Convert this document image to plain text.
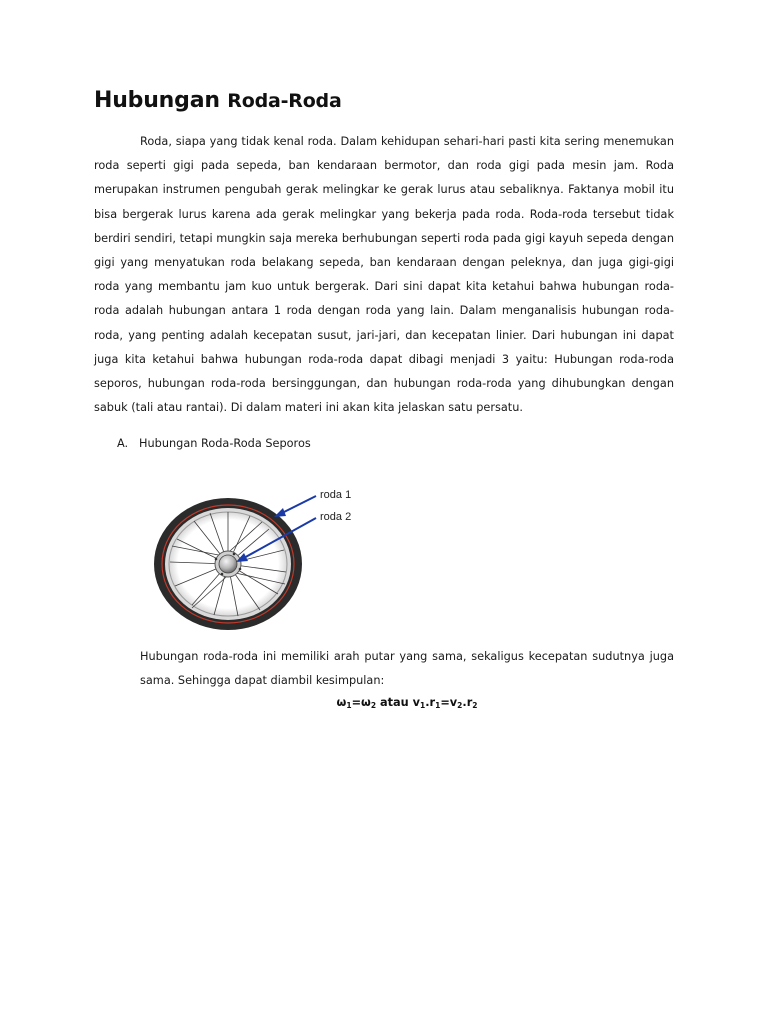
Hubungan Roda-Roda

Roda, siapa yang tidak kenal roda. Dalam kehidupan sehari-hari pasti kita sering menemukan roda seperti gigi pada sepeda, ban kendaraan bermotor, dan roda gigi pada mesin jam. Roda merupakan instrumen pengubah gerak melingkar ke gerak lurus atau sebaliknya. Faktanya mobil itu bisa bergerak lurus karena ada gerak melingkar yang bekerja pada roda. Roda-roda tersebut tidak berdiri sendiri, tetapi mungkin saja mereka berhubungan seperti roda pada gigi kayuh sepeda dengan gigi yang menyatukan roda belakang sepeda, ban kendaraan dengan peleknya, dan juga gigi-gigi roda yang membantu jam kuo untuk bergerak. Dari sini dapat kita ketahui bahwa hubungan roda-roda adalah hubungan antara 1 roda dengan roda yang lain. Dalam menganalisis hubungan roda-roda, yang penting adalah kecepatan susut, jari-jari, dan kecepatan linier. Dari hubungan ini dapat juga kita ketahui bahwa hubungan roda-roda dapat dibagi menjadi 3 yaitu: Hubungan roda-roda seporos, hubungan roda-roda bersinggungan, dan hubungan roda-roda yang dihubungkan dengan sabuk (tali atau rantai). Di dalam materi ini akan kita jelaskan satu persatu.

A. Hubungan Roda-Roda Seporos
roda 1
roda 2

Hubungan roda-roda ini memiliki arah putar yang sama, sekaligus kecepatan sudutnya juga sama. Sehingga dapat diambil kesimpulan:

$\omega_1=\omega_2$ atau $v_1.r_1=v_2.r_2$
